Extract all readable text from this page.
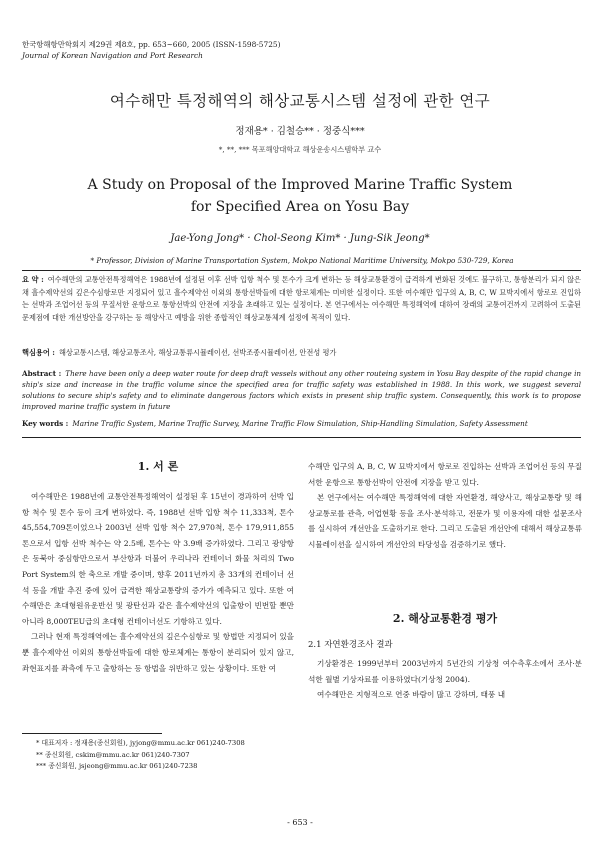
한국항해항만학회지 제29권 제8호, pp. 653~660, 2005 (ISSN-1598-5725)
Journal of Korean Navigation and Port Research
여수해만 특정해역의 해상교통시스템 설정에 관한 연구
정재용* · 김철승** · 정중식***
*, **, *** 목포해양대학교 해상운송시스템학부 교수
A Study on Proposal of the Improved Marine Traffic System
for Specified Area on Yosu Bay
Jae-Yong Jong* · Chol-Seong Kim* · Jung-Sik Jeong*
* Professor, Division of Marine Transportation System, Mokpo National Maritime University, Mokpo 530-729, Korea
요 약 : 여수해만의 교통안전특정해역은 1988년에 설정된 이후 선박 입항 척수 및 톤수가 크게 변하는 등 해상교통환경이 급격하게 변화된 것에도 불구하고, 통항분리가 되지 않은 채 흘수제약선의 깊은수심항로만 지정되어 있고 흘수제약선 이외의 통항선박들에 대한 항로체계는 미비한 실정이다. 또한 여수해만 입구의 A, B, C, W 묘박지에서 항로로 진입하는 선박과 조업어선 등의 무질서한 운항으로 통항선박의 안전에 지장을 초래하고 있는 실정이다. 본 연구에서는 여수해만 특정해역에 대하여 장래의 교통여건까지 고려하여 도출된 문제점에 대한 개선방안을 강구하는 등 해양사고 예방을 위한 종합적인 해상교통체계 설정에 목적이 있다.
핵심용어 : 해상교통시스템, 해상교통조사, 해상교통류시뮬레이션, 선박조종시뮬레이션, 안전성 평가
Abstract : There have been only a deep water route for deep draft vessels without any other routeing system in Yosu Bay despite of the rapid change in ship's size and increase in the traffic volume since the specified area for traffic safety was established in 1988. In this work, we suggest several solutions to secure ship's safety and to eliminate dangerous factors which exists in present ship traffic system. Consequently, this work is to propose improved marine traffic system in future
Key words : Marine Traffic System, Marine Traffic Survey, Marine Traffic Flow Simulation, Ship-Handling Simulation, Safety Assessment
1. 서 론

여수해만은 1988년에 교통안전특정해역이 설정된 후 15년이 경과하여 선박 입항 척수 및 톤수 등이 크게 변하였다. 즉, 1988년 선박 입항 척수 11,333척, 톤수 45,554,709톤이었으나 2003년 선박 입항 척수 27,970척, 톤수 179,911,855톤으로서 입항 선박 척수는 약 2.5배, 톤수는 약 3.9배 증가하였다. 그리고 광양항은 동북아 중심항만으로서 부산항과 더불어 우리나라 컨테이너 화물 처리의 Two Port System의 한 축으로 개발 중이며, 향후 2011년까지 총 33개의 컨테이너 선석 등을 개발 추진 중에 있어 급격한 해상교통량의 증가가 예측되고 있다. 또한 여수해만은 초대형원유운반선 및 광탄선과 같은 흘수제약선의 입출항이 빈번할 뿐만 아니라 8,000TEU급의 초대형 컨테이너선도 기항하고 있다.

그러나 현재 특정해역에는 흘수제약선의 깊은수심항로 및 항법만 지정되어 있을 뿐 흘수제약선 이외의 통항선박들에 대한 항로체계는 통항이 분리되어 있지 않고, 좌현표지를 좌측에 두고 출항하는 등 항법을 위반하고 있는 상황이다. 또한 여

수해만 입구의 A, B, C, W 묘박지에서 항로로 진입하는 선박과 조업어선 등의 무질서한 운항으로 통항선박이 안전에 지장을 받고 있다.

본 연구에서는 여수해만 특정해역에 대한 자연환경, 해양사고, 해상교통량 및 해상교통로를 관측, 어업현황 등을 조사·분석하고, 전문가 및 이용자에 대한 설문조사를 실시하여 개선안을 도출하기로 한다. 그리고 도출된 개선안에 대해서 해상교통류시뮬레이션을 실시하여 개선안의 타당성을 검증하기로 했다.

2. 해상교통환경 평가
2.1 자연환경조사 결과

기상환경은 1999년부터 2003년까지 5년간의 기상청 여수측후소에서 조사·분석한 월별 기상자료를 이용하였다(기상청 2004).

여수해만은 지형적으로 연중 바람이 많고 강하며, 태풍 내

* 대표저자 : 정재용(종신회원), jyjong@mmu.ac.kr 061)240-7308
** 종신회원, cskim@mmu.ac.kr 061)240-7307
*** 종신회원, jsjeong@mmu.ac.kr 061)240-7238
- 653 -
